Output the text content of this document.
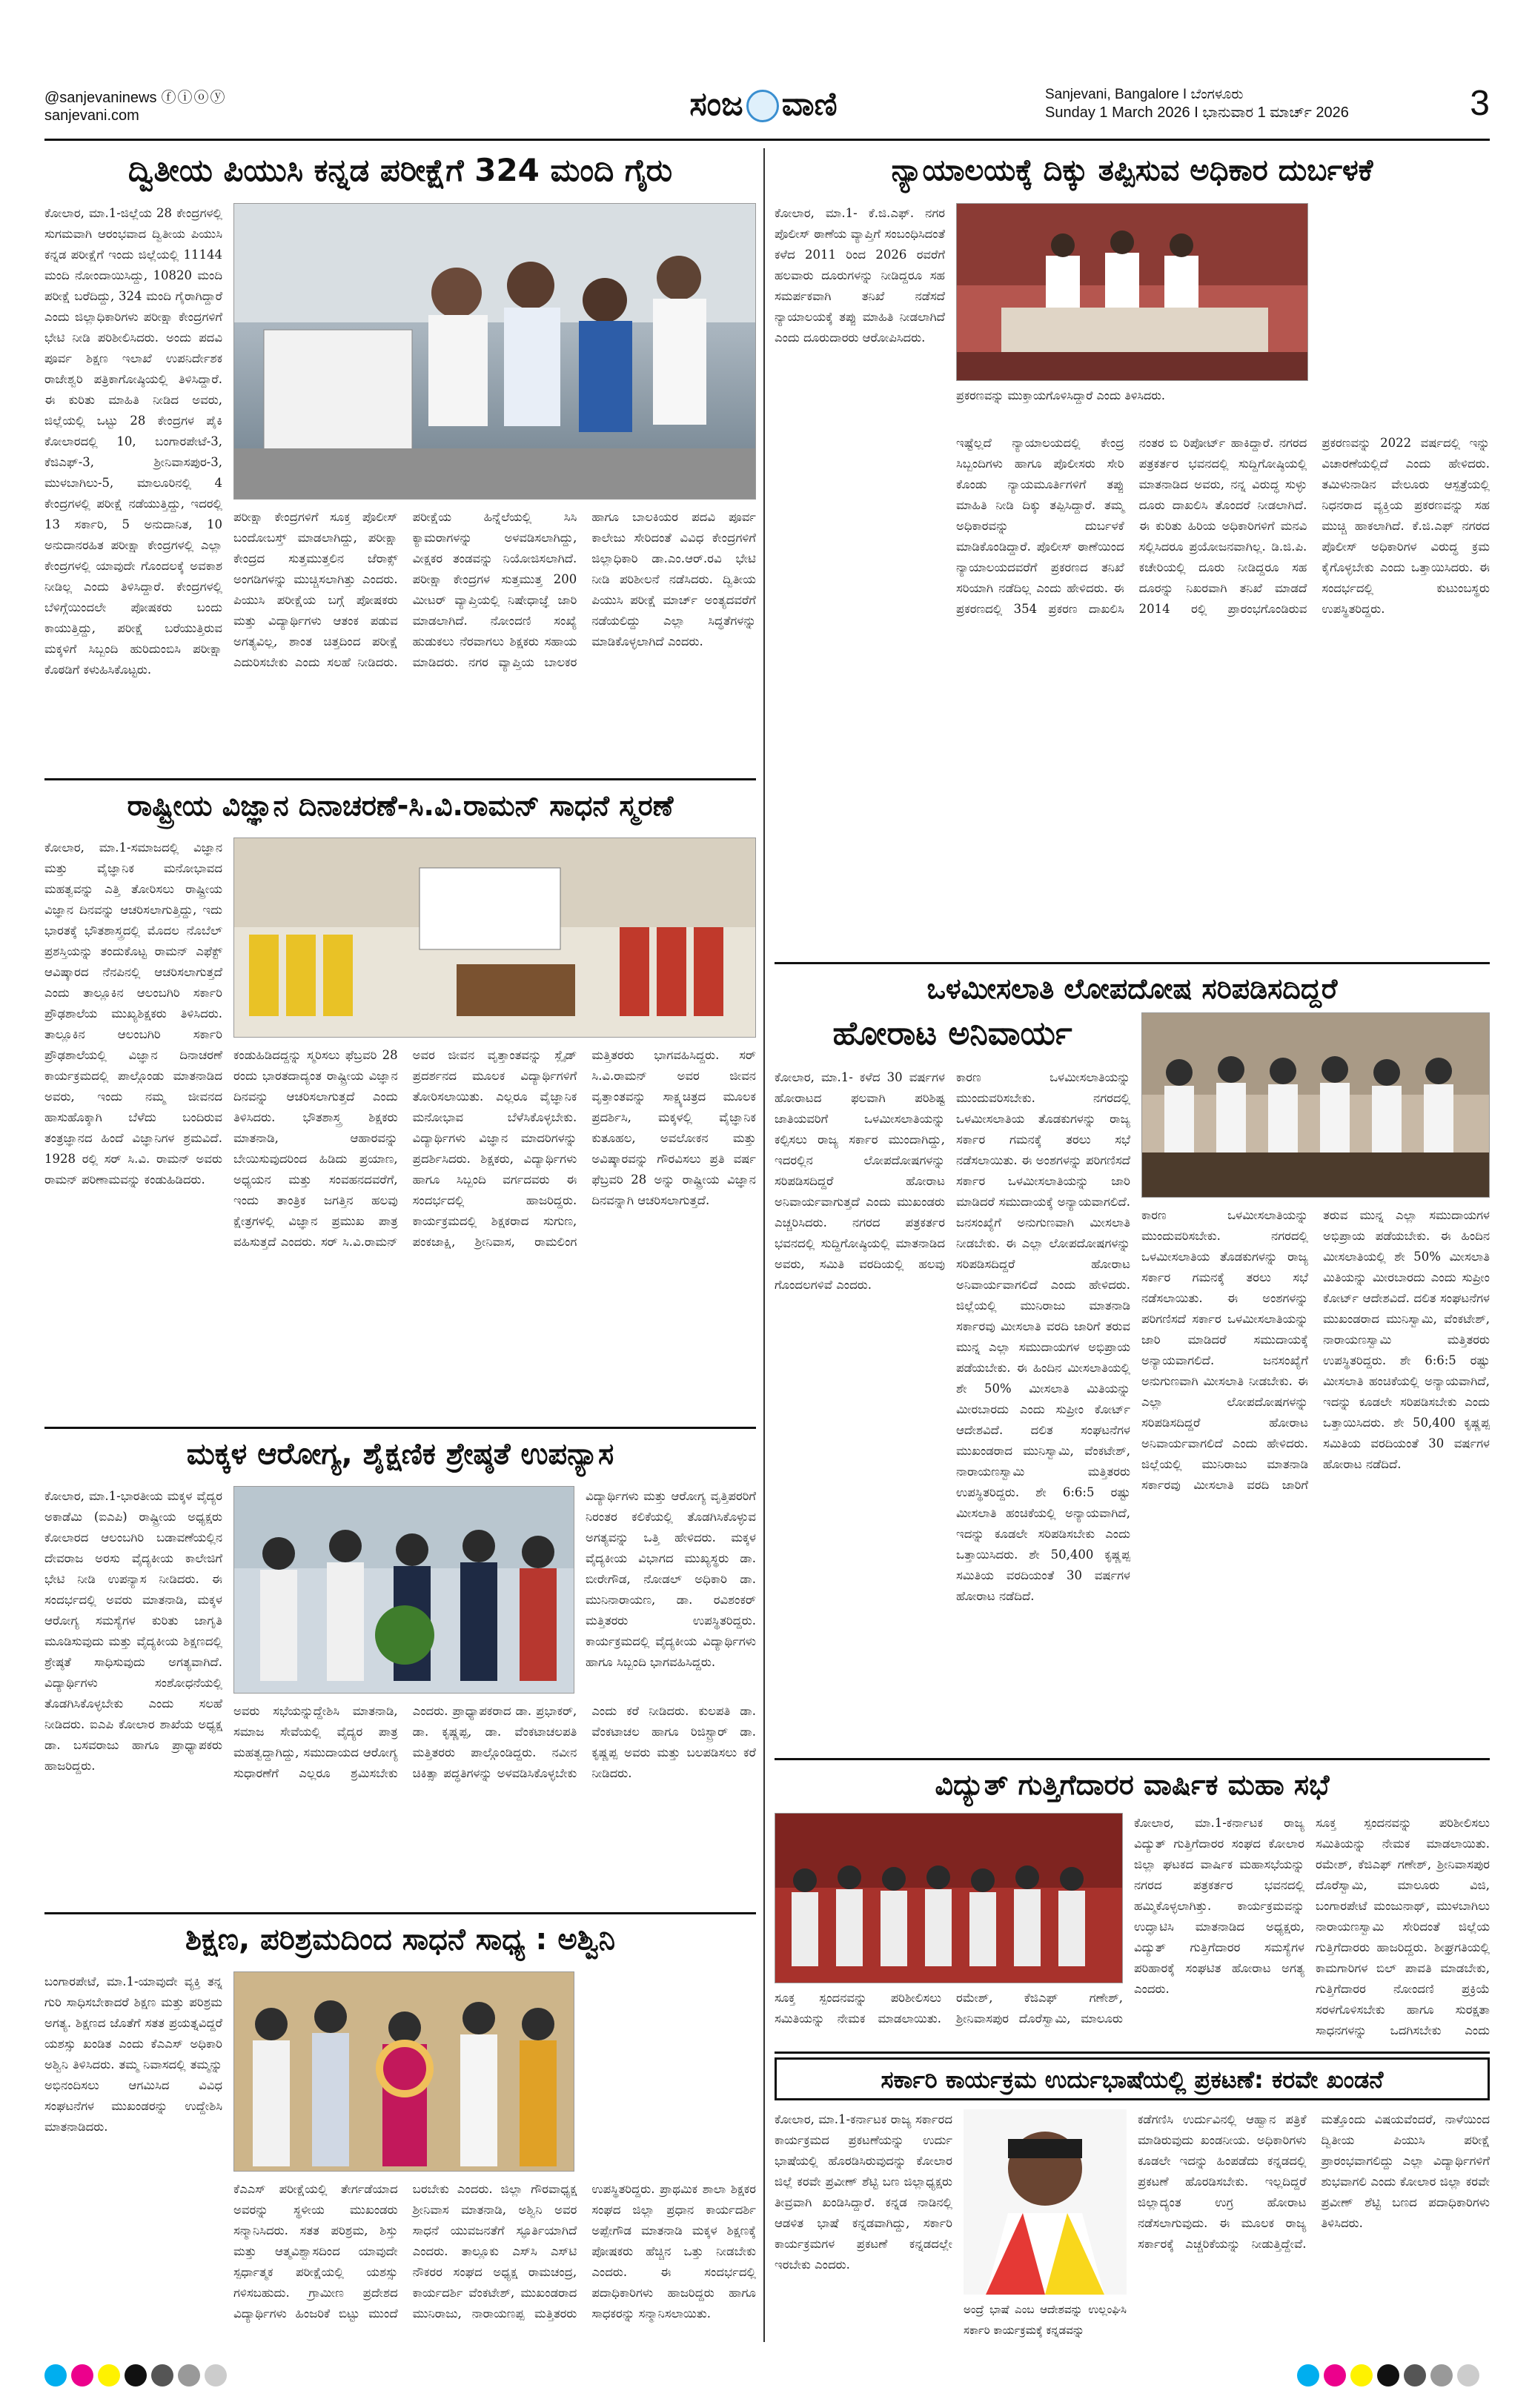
@sanjevaninews ⓕⓘⓞⓨ
sanjevani.com	ಸಂಜ ವಾಣಿ	Sanjevani, Bangalore I ಬೆಂಗಳೂರು
Sunday 1 March 2026 I ಭಾನುವಾರ 1 ಮಾರ್ಚ್ 2026	3
ದ್ವಿತೀಯ ಪಿಯುಸಿ ಕನ್ನಡ ಪರೀಕ್ಷೆಗೆ 324 ಮಂದಿ ಗೈರು
ಕೋಲಾರ, ಮಾ.1-ಜಿಲ್ಲೆಯ 28 ಕೇಂದ್ರಗಳಲ್ಲಿ ಸುಗಮವಾಗಿ ಆರಂಭವಾದ ದ್ವಿತೀಯ ಪಿಯುಸಿ ಕನ್ನಡ ಪರೀಕ್ಷೆಗೆ ಇಂದು ಜಿಲ್ಲೆಯಲ್ಲಿ 11144 ಮಂದಿ ನೋಂದಾಯಿಸಿದ್ದು, 10820 ಮಂದಿ ಪರೀಕ್ಷೆ ಬರೆದಿದ್ದು, 324 ಮಂದಿ ಗೈರಾಗಿದ್ದಾರೆ ಎಂದು ಜಿಲ್ಲಾಧಿಕಾರಿಗಳು ಪರೀಕ್ಷಾ ಕೇಂದ್ರಗಳಿಗೆ ಭೇಟಿ ನೀಡಿ ಪರಿಶೀಲಿಸಿದರು. ಅಂದು ಪದವಿ ಪೂರ್ವ ಶಿಕ್ಷಣ ಇಲಾಖೆ ಉಪನಿರ್ದೇಶಕ ರಾಜೇಶ್ವರಿ ಪತ್ರಿಕಾಗೋಷ್ಠಿಯಲ್ಲಿ ತಿಳಿಸಿದ್ದಾರೆ. ಈ ಕುರಿತು ಮಾಹಿತಿ ನೀಡಿದ ಅವರು, ಜಿಲ್ಲೆಯಲ್ಲಿ ಒಟ್ಟು 28 ಕೇಂದ್ರಗಳ ಪೈಕಿ ಕೋಲಾರದಲ್ಲಿ 10, ಬಂಗಾರಪೇಟೆ-3, ಕೆಜಿಎಫ್-3, ಶ್ರೀನಿವಾಸಪುರ-3, ಮುಳಬಾಗಿಲು-5, ಮಾಲೂರಿನಲ್ಲಿ 4 ಕೇಂದ್ರಗಳಲ್ಲಿ ಪರೀಕ್ಷೆ ನಡೆಯುತ್ತಿದ್ದು, ಇದರಲ್ಲಿ 13 ಸರ್ಕಾರಿ, 5 ಅನುದಾನಿತ, 10 ಅನುದಾನರಹಿತ ಪರೀಕ್ಷಾ ಕೇಂದ್ರಗಳಲ್ಲಿ ಎಲ್ಲಾ ಕೇಂದ್ರಗಳಲ್ಲಿ ಯಾವುದೇ ಗೊಂದಲಕ್ಕೆ ಅವಕಾಶ ನೀಡಿಲ್ಲ ಎಂದು ತಿಳಿಸಿದ್ದಾರೆ. ಕೇಂದ್ರಗಳಲ್ಲಿ ಬೆಳಿಗ್ಗೆಯಿಂದಲೇ ಪೋಷಕರು ಬಂದು ಕಾಯುತ್ತಿದ್ದು, ಪರೀಕ್ಷೆ ಬರೆಯುತ್ತಿರುವ ಮಕ್ಕಳಿಗೆ ಸಿಬ್ಬಂದಿ ಹುರಿದುಂಬಿಸಿ ಪರೀಕ್ಷಾ ಕೊಠಡಿಗೆ ಕಳುಹಿಸಿಕೊಟ್ಟರು.
ಪರೀಕ್ಷಾ ಕೇಂದ್ರಗಳಿಗೆ ಸೂಕ್ತ ಪೊಲೀಸ್ ಬಂದೋಬಸ್ತ್ ಮಾಡಲಾಗಿದ್ದು, ಪರೀಕ್ಷಾ ಕೇಂದ್ರದ ಸುತ್ತಮುತ್ತಲಿನ ಜೆರಾಕ್ಸ್ ಅಂಗಡಿಗಳನ್ನು ಮುಚ್ಚಿಸಲಾಗಿತ್ತು ಎಂದರು. ಪಿಯುಸಿ ಪರೀಕ್ಷೆಯ ಬಗ್ಗೆ ಪೋಷಕರು ಮತ್ತು ವಿದ್ಯಾರ್ಥಿಗಳು ಆತಂಕ ಪಡುವ ಅಗತ್ಯವಿಲ್ಲ, ಶಾಂತ ಚಿತ್ತದಿಂದ ಪರೀಕ್ಷೆ ಎದುರಿಸಬೇಕು ಎಂದು ಸಲಹೆ ನೀಡಿದರು. ಪರೀಕ್ಷೆಯ ಹಿನ್ನೆಲೆಯಲ್ಲಿ ಸಿಸಿ ಕ್ಯಾಮರಾಗಳನ್ನು ಅಳವಡಿಸಲಾಗಿದ್ದು, ವೀಕ್ಷಕರ ತಂಡವನ್ನು ನಿಯೋಜಿಸಲಾಗಿದೆ. ಪರೀಕ್ಷಾ ಕೇಂದ್ರಗಳ ಸುತ್ತಮುತ್ತ 200 ಮೀಟರ್ ವ್ಯಾಪ್ತಿಯಲ್ಲಿ ನಿಷೇಧಾಜ್ಞೆ ಜಾರಿ ಮಾಡಲಾಗಿದೆ. ನೋಂದಣಿ ಸಂಖ್ಯೆ ಹುಡುಕಲು ನೆರವಾಗಲು ಶಿಕ್ಷಕರು ಸಹಾಯ ಮಾಡಿದರು. ನಗರ ವ್ಯಾಪ್ತಿಯ ಬಾಲಕರ ಹಾಗೂ ಬಾಲಕಿಯರ ಪದವಿ ಪೂರ್ವ ಕಾಲೇಜು ಸೇರಿದಂತೆ ವಿವಿಧ ಕೇಂದ್ರಗಳಿಗೆ ಜಿಲ್ಲಾಧಿಕಾರಿ ಡಾ.ಎಂ.ಆರ್.ರವಿ ಭೇಟಿ ನೀಡಿ ಪರಿಶೀಲನೆ ನಡೆಸಿದರು. ದ್ವಿತೀಯ ಪಿಯುಸಿ ಪರೀಕ್ಷೆ ಮಾರ್ಚ್ ಅಂತ್ಯದವರೆಗೆ ನಡೆಯಲಿದ್ದು ಎಲ್ಲಾ ಸಿದ್ಧತೆಗಳನ್ನು ಮಾಡಿಕೊಳ್ಳಲಾಗಿದೆ ಎಂದರು.
ರಾಷ್ಟ್ರೀಯ ವಿಜ್ಞಾನ ದಿನಾಚರಣೆ-ಸಿ.ವಿ.ರಾಮನ್ ಸಾಧನೆ ಸ್ಮರಣೆ
ಕೋಲಾರ, ಮಾ.1-ಸಮಾಜದಲ್ಲಿ ವಿಜ್ಞಾನ ಮತ್ತು ವೈಜ್ಞಾನಿಕ ಮನೋಭಾವದ ಮಹತ್ವವನ್ನು ಎತ್ತಿ ತೋರಿಸಲು ರಾಷ್ಟ್ರೀಯ ವಿಜ್ಞಾನ ದಿನವನ್ನು ಆಚರಿಸಲಾಗುತ್ತಿದ್ದು, ಇದು ಭಾರತಕ್ಕೆ ಭೌತಶಾಸ್ತ್ರದಲ್ಲಿ ಮೊದಲ ನೊಬೆಲ್ ಪ್ರಶಸ್ತಿಯನ್ನು ತಂದುಕೊಟ್ಟ ರಾಮನ್ ಎಫೆಕ್ಟ್ ಆವಿಷ್ಕಾರದ ನೆನಪಿನಲ್ಲಿ ಆಚರಿಸಲಾಗುತ್ತದೆ ಎಂದು ತಾಲ್ಲೂಕಿನ ಆಲಂಬಗಿರಿ ಸರ್ಕಾರಿ ಪ್ರೌಢಶಾಲೆಯ ಮುಖ್ಯಶಿಕ್ಷಕರು ತಿಳಿಸಿದರು. ತಾಲ್ಲೂಕಿನ ಆಲಂಬಗಿರಿ ಸರ್ಕಾರಿ ಪ್ರೌಢಶಾಲೆಯಲ್ಲಿ ವಿಜ್ಞಾನ ದಿನಾಚರಣೆ ಕಾರ್ಯಕ್ರಮದಲ್ಲಿ ಪಾಲ್ಗೊಂಡು ಮಾತನಾಡಿದ ಅವರು, ಇಂದು ನಮ್ಮ ಜೀವನದ ಹಾಸುಹೊಕ್ಕಾಗಿ ಬೆಳೆದು ಬಂದಿರುವ ತಂತ್ರಜ್ಞಾನದ ಹಿಂದೆ ವಿಜ್ಞಾನಿಗಳ ಶ್ರಮವಿದೆ. 1928 ರಲ್ಲಿ ಸರ್ ಸಿ.ವಿ. ರಾಮನ್ ಅವರು ರಾಮನ್ ಪರಿಣಾಮವನ್ನು ಕಂಡುಹಿಡಿದರು.
ಕಂಡುಹಿಡಿದದ್ದನ್ನು ಸ್ಮರಿಸಲು ಫೆಬ್ರವರಿ 28 ರಂದು ಭಾರತದಾದ್ಯಂತ ರಾಷ್ಟ್ರೀಯ ವಿಜ್ಞಾನ ದಿನವನ್ನು ಆಚರಿಸಲಾಗುತ್ತದೆ ಎಂದು ತಿಳಿಸಿದರು. ಭೌತಶಾಸ್ತ್ರ ಶಿಕ್ಷಕರು ಮಾತನಾಡಿ, ಆಹಾರವನ್ನು ಬೇಯಿಸುವುದರಿಂದ ಹಿಡಿದು ಪ್ರಯಾಣ, ಅಧ್ಯಯನ ಮತ್ತು ಸಂವಹನದವರೆಗೆ, ಇಂದು ತಾಂತ್ರಿಕ ಜಗತ್ತಿನ ಹಲವು ಕ್ಷೇತ್ರಗಳಲ್ಲಿ ವಿಜ್ಞಾನ ಪ್ರಮುಖ ಪಾತ್ರ ವಹಿಸುತ್ತದೆ ಎಂದರು. ಸರ್ ಸಿ.ವಿ.ರಾಮನ್ ಅವರ ಜೀವನ ವೃತ್ತಾಂತವನ್ನು ಸ್ಲೈಡ್ ಪ್ರದರ್ಶನದ ಮೂಲಕ ವಿದ್ಯಾರ್ಥಿಗಳಿಗೆ ತೋರಿಸಲಾಯಿತು. ಎಲ್ಲರೂ ವೈಜ್ಞಾನಿಕ ಮನೋಭಾವ ಬೆಳೆಸಿಕೊಳ್ಳಬೇಕು. ವಿದ್ಯಾರ್ಥಿಗಳು ವಿಜ್ಞಾನ ಮಾದರಿಗಳನ್ನು ಪ್ರದರ್ಶಿಸಿದರು. ಶಿಕ್ಷಕರು, ವಿದ್ಯಾರ್ಥಿಗಳು ಹಾಗೂ ಸಿಬ್ಬಂದಿ ವರ್ಗದವರು ಈ ಸಂದರ್ಭದಲ್ಲಿ ಹಾಜರಿದ್ದರು. ಕಾರ್ಯಕ್ರಮದಲ್ಲಿ ಶಿಕ್ಷಕರಾದ ಸುಗುಣ, ಪಂಕಜಾಕ್ಷಿ, ಶ್ರೀನಿವಾಸ, ರಾಮಲಿಂಗ ಮತ್ತಿತರರು ಭಾಗವಹಿಸಿದ್ದರು. ಸರ್ ಸಿ.ವಿ.ರಾಮನ್ ಅವರ ಜೀವನ ವೃತ್ತಾಂತವನ್ನು ಸಾಕ್ಷ್ಯಚಿತ್ರದ ಮೂಲಕ ಪ್ರದರ್ಶಿಸಿ, ಮಕ್ಕಳಲ್ಲಿ ವೈಜ್ಞಾನಿಕ ಕುತೂಹಲ, ಅವಲೋಕನ ಮತ್ತು ಅವಿಷ್ಕಾರವನ್ನು ಗೌರವಿಸಲು ಪ್ರತಿ ವರ್ಷ ಫೆಬ್ರವರಿ 28 ಅನ್ನು ರಾಷ್ಟ್ರೀಯ ವಿಜ್ಞಾನ ದಿನವನ್ನಾಗಿ ಆಚರಿಸಲಾಗುತ್ತದೆ.
ಮಕ್ಕಳ ಆರೋಗ್ಯ, ಶೈಕ್ಷಣಿಕ ಶ್ರೇಷ್ಠತೆ ಉಪನ್ಯಾಸ
ಕೋಲಾರ, ಮಾ.1-ಭಾರತೀಯ ಮಕ್ಕಳ ವೈದ್ಯರ ಅಕಾಡೆಮಿ (ಐಎಪಿ) ರಾಷ್ಟ್ರೀಯ ಅಧ್ಯಕ್ಷರು ಕೋಲಾರದ ಆಲಂಬಗಿರಿ ಬಡಾವಣೆಯಲ್ಲಿನ ದೇವರಾಜ ಅರಸು ವೈದ್ಯಕೀಯ ಕಾಲೇಜಿಗೆ ಭೇಟಿ ನೀಡಿ ಉಪನ್ಯಾಸ ನೀಡಿದರು. ಈ ಸಂದರ್ಭದಲ್ಲಿ ಅವರು ಮಾತನಾಡಿ, ಮಕ್ಕಳ ಆರೋಗ್ಯ ಸಮಸ್ಯೆಗಳ ಕುರಿತು ಜಾಗೃತಿ ಮೂಡಿಸುವುದು ಮತ್ತು ವೈದ್ಯಕೀಯ ಶಿಕ್ಷಣದಲ್ಲಿ ಶ್ರೇಷ್ಠತೆ ಸಾಧಿಸುವುದು ಅಗತ್ಯವಾಗಿದೆ. ವಿದ್ಯಾರ್ಥಿಗಳು ಸಂಶೋಧನೆಯಲ್ಲಿ ತೊಡಗಿಸಿಕೊಳ್ಳಬೇಕು ಎಂದು ಸಲಹೆ ನೀಡಿದರು. ಐಎಪಿ ಕೋಲಾರ ಶಾಖೆಯ ಅಧ್ಯಕ್ಷ ಡಾ. ಬಸವರಾಜು ಹಾಗೂ ಪ್ರಾಧ್ಯಾಪಕರು ಹಾಜರಿದ್ದರು.
ವಿದ್ಯಾರ್ಥಿಗಳು ಮತ್ತು ಆರೋಗ್ಯ ವೃತ್ತಿಪರರಿಗೆ ನಿರಂತರ ಕಲಿಕೆಯಲ್ಲಿ ತೊಡಗಿಸಿಕೊಳ್ಳುವ ಅಗತ್ಯವನ್ನು ಒತ್ತಿ ಹೇಳಿದರು. ಮಕ್ಕಳ ವೈದ್ಯಕೀಯ ವಿಭಾಗದ ಮುಖ್ಯಸ್ಥರು ಡಾ. ಬೀರೇಗೌಡ, ನೋಡಲ್ ಅಧಿಕಾರಿ ಡಾ. ಮುನಿನಾರಾಯಣ, ಡಾ. ರವಿಶಂಕರ್ ಮತ್ತಿತರರು ಉಪಸ್ಥಿತರಿದ್ದರು. ಕಾರ್ಯಕ್ರಮದಲ್ಲಿ ವೈದ್ಯಕೀಯ ವಿದ್ಯಾರ್ಥಿಗಳು ಹಾಗೂ ಸಿಬ್ಬಂದಿ ಭಾಗವಹಿಸಿದ್ದರು.
ಅವರು ಸಭೆಯನ್ನುದ್ದೇಶಿಸಿ ಮಾತನಾಡಿ, ಸಮಾಜ ಸೇವೆಯಲ್ಲಿ ವೈದ್ಯರ ಪಾತ್ರ ಮಹತ್ವದ್ದಾಗಿದ್ದು, ಸಮುದಾಯದ ಆರೋಗ್ಯ ಸುಧಾರಣೆಗೆ ಎಲ್ಲರೂ ಶ್ರಮಿಸಬೇಕು ಎಂದರು. ಪ್ರಾಧ್ಯಾಪಕರಾದ ಡಾ. ಪ್ರಭಾಕರ್, ಡಾ. ಕೃಷ್ಣಪ್ಪ, ಡಾ. ವೆಂಕಟಾಚಲಪತಿ ಮತ್ತಿತರರು ಪಾಲ್ಗೊಂಡಿದ್ದರು. ನವೀನ ಚಿಕಿತ್ಸಾ ಪದ್ಧತಿಗಳನ್ನು ಅಳವಡಿಸಿಕೊಳ್ಳಬೇಕು ಎಂದು ಕರೆ ನೀಡಿದರು. ಕುಲಪತಿ ಡಾ. ವೆಂಕಟಾಚಲ ಹಾಗೂ ರಿಜಿಸ್ಟ್ರಾರ್ ಡಾ. ಕೃಷ್ಣಪ್ಪ ಅವರು ಮತ್ತು ಬಲಪಡಿಸಲು ಕರೆ ನೀಡಿದರು.
ಶಿಕ್ಷಣ, ಪರಿಶ್ರಮದಿಂದ ಸಾಧನೆ ಸಾಧ್ಯ : ಅಶ್ವಿನಿ
ಬಂಗಾರಪೇಟೆ, ಮಾ.1-ಯಾವುದೇ ವ್ಯಕ್ತಿ ತನ್ನ ಗುರಿ ಸಾಧಿಸಬೇಕಾದರೆ ಶಿಕ್ಷಣ ಮತ್ತು ಪರಿಶ್ರಮ ಅಗತ್ಯ. ಶಿಕ್ಷಣದ ಜೊತೆಗೆ ಸತತ ಪ್ರಯತ್ನವಿದ್ದರೆ ಯಶಸ್ಸು ಖಂಡಿತ ಎಂದು ಕೆಎಎಸ್ ಅಧಿಕಾರಿ ಅಶ್ವಿನಿ ತಿಳಿಸಿದರು. ತಮ್ಮ ನಿವಾಸದಲ್ಲಿ ತಮ್ಮನ್ನು ಅಭಿನಂದಿಸಲು ಆಗಮಿಸಿದ ವಿವಿಧ ಸಂಘಟನೆಗಳ ಮುಖಂಡರನ್ನು ಉದ್ದೇಶಿಸಿ ಮಾತನಾಡಿದರು.
ಕೆಎಎಸ್ ಪರೀಕ್ಷೆಯಲ್ಲಿ ತೇರ್ಗಡೆಯಾದ ಅವರನ್ನು ಸ್ಥಳೀಯ ಮುಖಂಡರು ಸನ್ಮಾನಿಸಿದರು. ಸತತ ಪರಿಶ್ರಮ, ಶಿಸ್ತು ಮತ್ತು ಆತ್ಮವಿಶ್ವಾಸದಿಂದ ಯಾವುದೇ ಸ್ಪರ್ಧಾತ್ಮಕ ಪರೀಕ್ಷೆಯಲ್ಲಿ ಯಶಸ್ಸು ಗಳಿಸಬಹುದು. ಗ್ರಾಮೀಣ ಪ್ರದೇಶದ ವಿದ್ಯಾರ್ಥಿಗಳು ಹಿಂಜರಿಕೆ ಬಿಟ್ಟು ಮುಂದೆ ಬರಬೇಕು ಎಂದರು. ಜಿಲ್ಲಾ ಗೌರವಾಧ್ಯಕ್ಷ ಶ್ರೀನಿವಾಸ ಮಾತನಾಡಿ, ಅಶ್ವಿನಿ ಅವರ ಸಾಧನೆ ಯುವಜನತೆಗೆ ಸ್ಫೂರ್ತಿಯಾಗಿದೆ ಎಂದರು. ತಾಲ್ಲೂಕು ಎಸ್‌ಸಿ ಎಸ್‌ಟಿ ನೌಕರರ ಸಂಘದ ಅಧ್ಯಕ್ಷ ರಾಮಚಂದ್ರ, ಕಾರ್ಯದರ್ಶಿ ವೆಂಕಟೇಶ್, ಮುಖಂಡರಾದ ಮುನಿರಾಜು, ನಾರಾಯಣಪ್ಪ ಮತ್ತಿತರರು ಉಪಸ್ಥಿತರಿದ್ದರು. ಪ್ರಾಥಮಿಕ ಶಾಲಾ ಶಿಕ್ಷಕರ ಸಂಘದ ಜಿಲ್ಲಾ ಪ್ರಧಾನ ಕಾರ್ಯದರ್ಶಿ ಅಪ್ಪೇಗೌಡ ಮಾತನಾಡಿ ಮಕ್ಕಳ ಶಿಕ್ಷಣಕ್ಕೆ ಪೋಷಕರು ಹೆಚ್ಚಿನ ಒತ್ತು ನೀಡಬೇಕು ಎಂದರು. ಈ ಸಂದರ್ಭದಲ್ಲಿ ಪದಾಧಿಕಾರಿಗಳು ಹಾಜರಿದ್ದರು ಹಾಗೂ ಸಾಧಕರನ್ನು ಸನ್ಮಾನಿಸಲಾಯಿತು.
ನ್ಯಾಯಾಲಯಕ್ಕೆ ದಿಕ್ಕು ತಪ್ಪಿಸುವ ಅಧಿಕಾರ ದುರ್ಬಳಕೆ
ಕೋಲಾರ, ಮಾ.1- ಕೆ.ಜಿ.ಎಫ್. ನಗರ ಪೊಲೀಸ್ ಠಾಣೆಯ ವ್ಯಾಪ್ತಿಗೆ ಸಂಬಂಧಿಸಿದಂತೆ ಕಳೆದ 2011 ರಿಂದ 2026 ರವರೆಗೆ ಹಲವಾರು ದೂರುಗಳನ್ನು ನೀಡಿದ್ದರೂ ಸಹ ಸಮರ್ಪಕವಾಗಿ ತನಿಖೆ ನಡೆಸದೆ ನ್ಯಾಯಾಲಯಕ್ಕೆ ತಪ್ಪು ಮಾಹಿತಿ ನೀಡಲಾಗಿದೆ ಎಂದು ದೂರುದಾರರು ಆರೋಪಿಸಿದರು.
ಪ್ರಕರಣವನ್ನು ಮುಕ್ತಾಯಗೊಳಿಸಿದ್ದಾರೆ ಎಂದು ತಿಳಿಸಿದರು.
ಇಷ್ಟೆಲ್ಲದೆ ನ್ಯಾಯಾಲಯದಲ್ಲಿ ಕೇಂದ್ರ ಸಿಬ್ಬಂದಿಗಳು ಹಾಗೂ ಪೊಲೀಸರು ಸೇರಿ ಕೊಂಡು ನ್ಯಾಯಮೂರ್ತಿಗಳಿಗೆ ತಪ್ಪು ಮಾಹಿತಿ ನೀಡಿ ದಿಕ್ಕು ತಪ್ಪಿಸಿದ್ದಾರೆ. ತಮ್ಮ ಅಧಿಕಾರವನ್ನು ದುರ್ಬಳಕೆ ಮಾಡಿಕೊಂಡಿದ್ದಾರೆ. ಪೊಲೀಸ್ ಠಾಣೆಯಿಂದ ನ್ಯಾಯಾಲಯದವರೆಗೆ ಪ್ರಕರಣದ ತನಿಖೆ ಸರಿಯಾಗಿ ನಡೆದಿಲ್ಲ ಎಂದು ಹೇಳಿದರು. ಈ ಪ್ರಕರಣದಲ್ಲಿ 354 ಪ್ರಕರಣ ದಾಖಲಿಸಿ ನಂತರ ಬಿ ರಿಪೋರ್ಟ್ ಹಾಕಿದ್ದಾರೆ. ನಗರದ ಪತ್ರಕರ್ತರ ಭವನದಲ್ಲಿ ಸುದ್ದಿಗೋಷ್ಠಿಯಲ್ಲಿ ಮಾತನಾಡಿದ ಅವರು, ನನ್ನ ವಿರುದ್ಧ ಸುಳ್ಳು ದೂರು ದಾಖಲಿಸಿ ತೊಂದರೆ ನೀಡಲಾಗಿದೆ. ಈ ಕುರಿತು ಹಿರಿಯ ಅಧಿಕಾರಿಗಳಿಗೆ ಮನವಿ ಸಲ್ಲಿಸಿದರೂ ಪ್ರಯೋಜನವಾಗಿಲ್ಲ. ಡಿ.ಜಿ.ಪಿ. ಕಚೇರಿಯಲ್ಲಿ ದೂರು ನೀಡಿದ್ದರೂ ಸಹ ದೂರನ್ನು ನಿಖರವಾಗಿ ತನಿಖೆ ಮಾಡದೆ 2014 ರಲ್ಲಿ ಪ್ರಾರಂಭಗೊಂಡಿರುವ ಪ್ರಕರಣವನ್ನು 2022 ವರ್ಷದಲ್ಲಿ ಇನ್ನು ವಿಚಾರಣೆಯಲ್ಲಿದೆ ಎಂದು ಹೇಳಿದರು. ತಮಿಳುನಾಡಿನ ವೇಲೂರು ಆಸ್ಪತ್ರೆಯಲ್ಲಿ ನಿಧನರಾದ ವ್ಯಕ್ತಿಯ ಪ್ರಕರಣವನ್ನು ಸಹ ಮುಚ್ಚಿ ಹಾಕಲಾಗಿದೆ. ಕೆ.ಜಿ.ಎಫ್ ನಗರದ ಪೊಲೀಸ್ ಅಧಿಕಾರಿಗಳ ವಿರುದ್ಧ ಕ್ರಮ ಕೈಗೊಳ್ಳಬೇಕು ಎಂದು ಒತ್ತಾಯಿಸಿದರು. ಈ ಸಂದರ್ಭದಲ್ಲಿ ಕುಟುಂಬಸ್ಥರು ಉಪಸ್ಥಿತರಿದ್ದರು.
ಒಳಮೀಸಲಾತಿ ಲೋಪದೋಷ ಸರಿಪಡಿಸದಿದ್ದರೆ
ಹೋರಾಟ ಅನಿವಾರ್ಯ
ಕೋಲಾರ, ಮಾ.1- ಕಳೆದ 30 ವರ್ಷಗಳ ಹೋರಾಟದ ಫಲವಾಗಿ ಪರಿಶಿಷ್ಟ ಜಾತಿಯವರಿಗೆ ಒಳಮೀಸಲಾತಿಯನ್ನು ಕಲ್ಪಿಸಲು ರಾಜ್ಯ ಸರ್ಕಾರ ಮುಂದಾಗಿದ್ದು, ಇದರಲ್ಲಿನ ಲೋಪದೋಷಗಳನ್ನು ಸರಿಪಡಿಸದಿದ್ದರೆ ಹೋರಾಟ ಅನಿವಾರ್ಯವಾಗುತ್ತದೆ ಎಂದು ಮುಖಂಡರು ಎಚ್ಚರಿಸಿದರು. ನಗರದ ಪತ್ರಕರ್ತರ ಭವನದಲ್ಲಿ ಸುದ್ದಿಗೋಷ್ಠಿಯಲ್ಲಿ ಮಾತನಾಡಿದ ಅವರು, ಸಮಿತಿ ವರದಿಯಲ್ಲಿ ಹಲವು ಗೊಂದಲಗಳಿವೆ ಎಂದರು.
ಕಾರಣ ಒಳಮೀಸಲಾತಿಯನ್ನು ಮುಂದುವರಿಸಬೇಕು. ನಗರದಲ್ಲಿ ಒಳಮೀಸಲಾತಿಯ ತೊಡಕುಗಳನ್ನು ರಾಜ್ಯ ಸರ್ಕಾರ ಗಮನಕ್ಕೆ ತರಲು ಸಭೆ ನಡೆಸಲಾಯಿತು. ಈ ಅಂಶಗಳನ್ನು ಪರಿಗಣಿಸದೆ ಸರ್ಕಾರ ಒಳಮೀಸಲಾತಿಯನ್ನು ಜಾರಿ ಮಾಡಿದರೆ ಸಮುದಾಯಕ್ಕೆ ಅನ್ಯಾಯವಾಗಲಿದೆ. ಜನಸಂಖ್ಯೆಗೆ ಅನುಗುಣವಾಗಿ ಮೀಸಲಾತಿ ನೀಡಬೇಕು. ಈ ಎಲ್ಲಾ ಲೋಪದೋಷಗಳನ್ನು ಸರಿಪಡಿಸದಿದ್ದರೆ ಹೋರಾಟ ಅನಿವಾರ್ಯವಾಗಲಿದೆ ಎಂದು ಹೇಳಿದರು. ಜಿಲ್ಲೆಯಲ್ಲಿ ಮುನಿರಾಜು ಮಾತನಾಡಿ ಸರ್ಕಾರವು ಮೀಸಲಾತಿ ವರದಿ ಜಾರಿಗೆ ತರುವ ಮುನ್ನ ಎಲ್ಲಾ ಸಮುದಾಯಗಳ ಅಭಿಪ್ರಾಯ ಪಡೆಯಬೇಕು. ಈ ಹಿಂದಿನ ಮೀಸಲಾತಿಯಲ್ಲಿ ಶೇ 50% ಮೀಸಲಾತಿ ಮಿತಿಯನ್ನು ಮೀರಬಾರದು ಎಂದು ಸುಪ್ರೀಂ ಕೋರ್ಟ್ ಆದೇಶವಿದೆ. ದಲಿತ ಸಂಘಟನೆಗಳ ಮುಖಂಡರಾದ ಮುನಿಸ್ವಾಮಿ, ವೆಂಕಟೇಶ್, ನಾರಾಯಣಸ್ವಾಮಿ ಮತ್ತಿತರರು ಉಪಸ್ಥಿತರಿದ್ದರು. ಶೇ 6:6:5 ರಷ್ಟು ಮೀಸಲಾತಿ ಹಂಚಿಕೆಯಲ್ಲಿ ಅನ್ಯಾಯವಾಗಿದೆ, ಇದನ್ನು ಕೂಡಲೇ ಸರಿಪಡಿಸಬೇಕು ಎಂದು ಒತ್ತಾಯಿಸಿದರು. ಶೇ 50,400 ಕೃಷ್ಣಪ್ಪ ಸಮಿತಿಯ ವರದಿಯಂತೆ 30 ವರ್ಷಗಳ ಹೋರಾಟ ನಡೆದಿದೆ.
ಕಾರಣ ಒಳಮೀಸಲಾತಿಯನ್ನು ಮುಂದುವರಿಸಬೇಕು. ನಗರದಲ್ಲಿ ಒಳಮೀಸಲಾತಿಯ ತೊಡಕುಗಳನ್ನು ರಾಜ್ಯ ಸರ್ಕಾರ ಗಮನಕ್ಕೆ ತರಲು ಸಭೆ ನಡೆಸಲಾಯಿತು. ಈ ಅಂಶಗಳನ್ನು ಪರಿಗಣಿಸದೆ ಸರ್ಕಾರ ಒಳಮೀಸಲಾತಿಯನ್ನು ಜಾರಿ ಮಾಡಿದರೆ ಸಮುದಾಯಕ್ಕೆ ಅನ್ಯಾಯವಾಗಲಿದೆ. ಜನಸಂಖ್ಯೆಗೆ ಅನುಗುಣವಾಗಿ ಮೀಸಲಾತಿ ನೀಡಬೇಕು. ಈ ಎಲ್ಲಾ ಲೋಪದೋಷಗಳನ್ನು ಸರಿಪಡಿಸದಿದ್ದರೆ ಹೋರಾಟ ಅನಿವಾರ್ಯವಾಗಲಿದೆ ಎಂದು ಹೇಳಿದರು. ಜಿಲ್ಲೆಯಲ್ಲಿ ಮುನಿರಾಜು ಮಾತನಾಡಿ ಸರ್ಕಾರವು ಮೀಸಲಾತಿ ವರದಿ ಜಾರಿಗೆ ತರುವ ಮುನ್ನ ಎಲ್ಲಾ ಸಮುದಾಯಗಳ ಅಭಿಪ್ರಾಯ ಪಡೆಯಬೇಕು. ಈ ಹಿಂದಿನ ಮೀಸಲಾತಿಯಲ್ಲಿ ಶೇ 50% ಮೀಸಲಾತಿ ಮಿತಿಯನ್ನು ಮೀರಬಾರದು ಎಂದು ಸುಪ್ರೀಂ ಕೋರ್ಟ್ ಆದೇಶವಿದೆ. ದಲಿತ ಸಂಘಟನೆಗಳ ಮುಖಂಡರಾದ ಮುನಿಸ್ವಾಮಿ, ವೆಂಕಟೇಶ್, ನಾರಾಯಣಸ್ವಾಮಿ ಮತ್ತಿತರರು ಉಪಸ್ಥಿತರಿದ್ದರು. ಶೇ 6:6:5 ರಷ್ಟು ಮೀಸಲಾತಿ ಹಂಚಿಕೆಯಲ್ಲಿ ಅನ್ಯಾಯವಾಗಿದೆ, ಇದನ್ನು ಕೂಡಲೇ ಸರಿಪಡಿಸಬೇಕು ಎಂದು ಒತ್ತಾಯಿಸಿದರು. ಶೇ 50,400 ಕೃಷ್ಣಪ್ಪ ಸಮಿತಿಯ ವರದಿಯಂತೆ 30 ವರ್ಷಗಳ ಹೋರಾಟ ನಡೆದಿದೆ.
ವಿದ್ಯುತ್ ಗುತ್ತಿಗೆದಾರರ ವಾರ್ಷಿಕ ಮಹಾ ಸಭೆ
ಕೋಲಾರ, ಮಾ.1-ಕರ್ನಾಟಕ ರಾಜ್ಯ ವಿದ್ಯುತ್ ಗುತ್ತಿಗೆದಾರರ ಸಂಘದ ಕೋಲಾರ ಜಿಲ್ಲಾ ಘಟಕದ ವಾರ್ಷಿಕ ಮಹಾಸಭೆಯನ್ನು ನಗರದ ಪತ್ರಕರ್ತರ ಭವನದಲ್ಲಿ ಹಮ್ಮಿಕೊಳ್ಳಲಾಗಿತ್ತು. ಕಾರ್ಯಕ್ರಮವನ್ನು ಉದ್ಘಾಟಿಸಿ ಮಾತನಾಡಿದ ಅಧ್ಯಕ್ಷರು, ವಿದ್ಯುತ್ ಗುತ್ತಿಗೆದಾರರ ಸಮಸ್ಯೆಗಳ ಪರಿಹಾರಕ್ಕೆ ಸಂಘಟಿತ ಹೋರಾಟ ಅಗತ್ಯ ಎಂದರು.
ಸೂಕ್ತ ಸ್ಪಂದನವನ್ನು ಪರಿಶೀಲಿಸಲು ಸಮಿತಿಯನ್ನು ನೇಮಕ ಮಾಡಲಾಯಿತು. ರಮೇಶ್, ಕೆಜಿಎಫ್ ಗಣೇಶ್, ಶ್ರೀನಿವಾಸಪುರ ದೊರೆಸ್ವಾಮಿ, ಮಾಲೂರು
ಸೂಕ್ತ ಸ್ಪಂದನವನ್ನು ಪರಿಶೀಲಿಸಲು ಸಮಿತಿಯನ್ನು ನೇಮಕ ಮಾಡಲಾಯಿತು. ರಮೇಶ್, ಕೆಜಿಎಫ್ ಗಣೇಶ್, ಶ್ರೀನಿವಾಸಪುರ ದೊರೆಸ್ವಾಮಿ, ಮಾಲೂರು ವಿಜಿ, ಬಂಗಾರಪೇಟೆ ಮಂಜುನಾಥ್, ಮುಳಬಾಗಿಲು ನಾರಾಯಣಸ್ವಾಮಿ ಸೇರಿದಂತೆ ಜಿಲ್ಲೆಯ ಗುತ್ತಿಗೆದಾರರು ಹಾಜರಿದ್ದರು. ಶೀಘ್ರಗತಿಯಲ್ಲಿ ಕಾಮಗಾರಿಗಳ ಬಿಲ್ ಪಾವತಿ ಮಾಡಬೇಕು, ಗುತ್ತಿಗೆದಾರರ ನೋಂದಣಿ ಪ್ರಕ್ರಿಯೆ ಸರಳಗೊಳಿಸಬೇಕು ಹಾಗೂ ಸುರಕ್ಷತಾ ಸಾಧನಗಳನ್ನು ಒದಗಿಸಬೇಕು ಎಂದು
ಸರ್ಕಾರಿ ಕಾರ್ಯಕ್ರಮ ಉರ್ದುಭಾಷೆಯಲ್ಲಿ ಪ್ರಕಟಣೆ: ಕರವೇ ಖಂಡನೆ
ಕೋಲಾರ, ಮಾ.1-ಕರ್ನಾಟಕ ರಾಜ್ಯ ಸರ್ಕಾರದ ಕಾರ್ಯಕ್ರಮದ ಪ್ರಕಟಣೆಯನ್ನು ಉರ್ದು ಭಾಷೆಯಲ್ಲಿ ಹೊರಡಿಸಿರುವುದನ್ನು ಕೋಲಾರ ಜಿಲ್ಲೆ ಕರವೇ ಪ್ರವೀಣ್ ಶೆಟ್ಟಿ ಬಣ ಜಿಲ್ಲಾಧ್ಯಕ್ಷರು ತೀವ್ರವಾಗಿ ಖಂಡಿಸಿದ್ದಾರೆ. ಕನ್ನಡ ನಾಡಿನಲ್ಲಿ ಆಡಳಿತ ಭಾಷೆ ಕನ್ನಡವಾಗಿದ್ದು, ಸರ್ಕಾರಿ ಕಾರ್ಯಕ್ರಮಗಳ ಪ್ರಕಟಣೆ ಕನ್ನಡದಲ್ಲೇ ಇರಬೇಕು ಎಂದರು.
ಅಂದ್ರೆ ಭಾಷೆ ಎಂಬ ಆದೇಶವನ್ನು ಉಲ್ಲಂಘಿಸಿ ಸರ್ಕಾರಿ ಕಾರ್ಯಕ್ರಮಕ್ಕೆ ಕನ್ನಡವನ್ನು
ಕಡೆಗಣಿಸಿ ಉರ್ದುವಿನಲ್ಲಿ ಆಹ್ವಾನ ಪತ್ರಿಕೆ ಮಾಡಿರುವುದು ಖಂಡನೀಯ. ಅಧಿಕಾರಿಗಳು ಕೂಡಲೇ ಇದನ್ನು ಹಿಂಪಡೆದು ಕನ್ನಡದಲ್ಲಿ ಪ್ರಕಟಣೆ ಹೊರಡಿಸಬೇಕು. ಇಲ್ಲದಿದ್ದರೆ ಜಿಲ್ಲಾದ್ಯಂತ ಉಗ್ರ ಹೋರಾಟ ನಡೆಸಲಾಗುವುದು. ಈ ಮೂಲಕ ರಾಜ್ಯ ಸರ್ಕಾರಕ್ಕೆ ಎಚ್ಚರಿಕೆಯನ್ನು ನೀಡುತ್ತಿದ್ದೇವೆ. ಮತ್ತೊಂದು ವಿಷಯವೆಂದರೆ, ನಾಳೆಯಿಂದ ದ್ವಿತೀಯ ಪಿಯುಸಿ ಪರೀಕ್ಷೆ ಪ್ರಾರಂಭವಾಗಲಿದ್ದು ಎಲ್ಲಾ ವಿದ್ಯಾರ್ಥಿಗಳಿಗೆ ಶುಭವಾಗಲಿ ಎಂದು ಕೋಲಾರ ಜಿಲ್ಲಾ ಕರವೇ ಪ್ರವೀಣ್ ಶೆಟ್ಟಿ ಬಣದ ಪದಾಧಿಕಾರಿಗಳು ತಿಳಿಸಿದರು.
